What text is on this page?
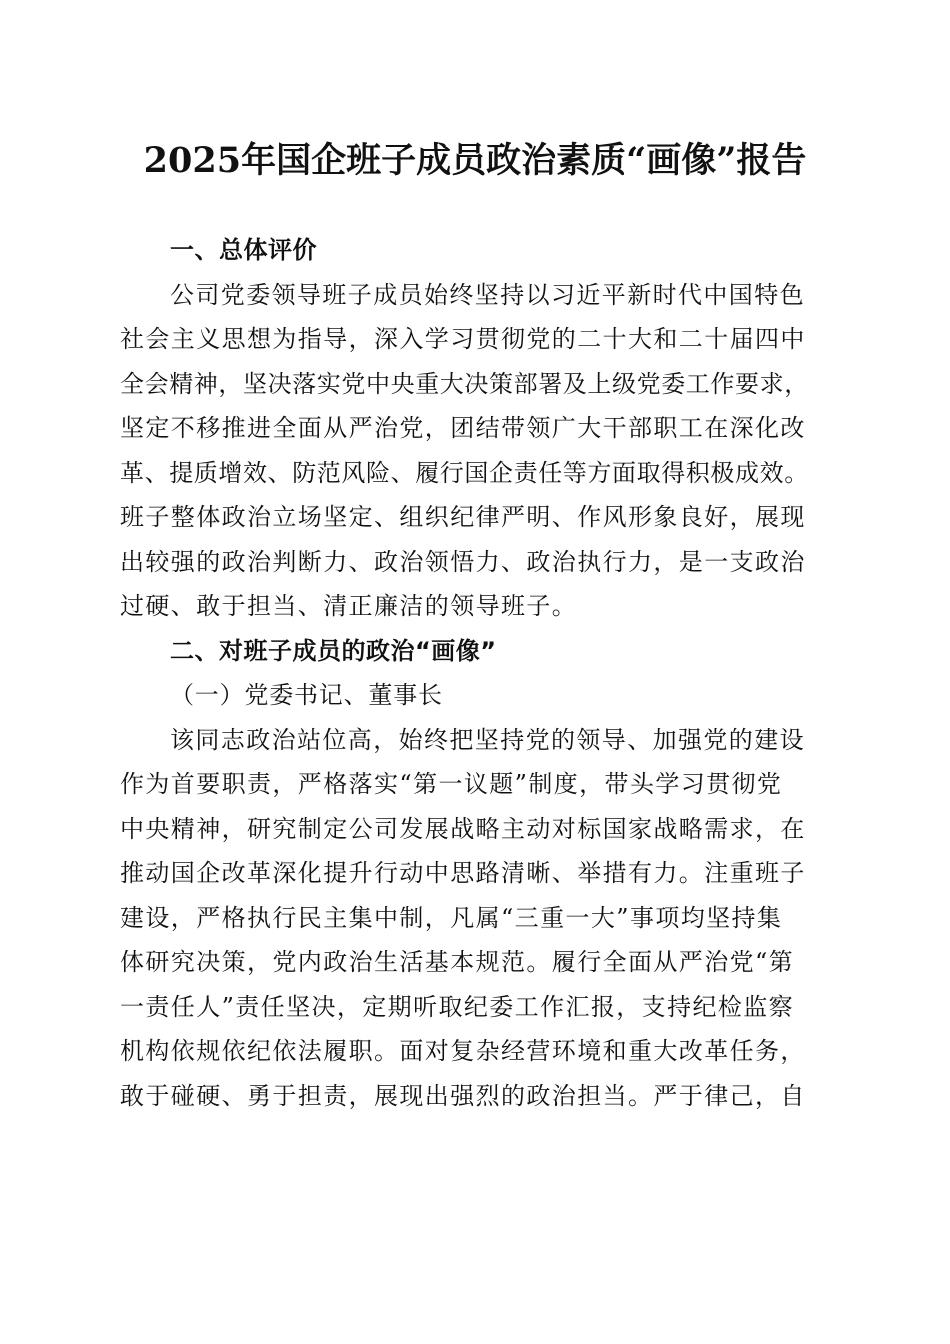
2025年国企班子成员政治素质“画像”报告
一、总体评价
公司党委领导班子成员始终坚持以习近平新时代中国特色
社会主义思想为指导，深入学习贯彻党的二十大和二十届四中
全会精神，坚决落实党中央重大决策部署及上级党委工作要求，
坚定不移推进全面从严治党，团结带领广大干部职工在深化改
革、提质增效、防范风险、履行国企责任等方面取得积极成效。
班子整体政治立场坚定、组织纪律严明、作风形象良好，展现
出较强的政治判断力、政治领悟力、政治执行力，是一支政治
过硬、敢于担当、清正廉洁的领导班子。
二、对班子成员的政治“画像”
（一）党委书记、董事长
该同志政治站位高，始终把坚持党的领导、加强党的建设
作为首要职责，严格落实“第一议题”制度，带头学习贯彻党
中央精神，研究制定公司发展战略主动对标国家战略需求，在
推动国企改革深化提升行动中思路清晰、举措有力。注重班子
建设，严格执行民主集中制，凡属“三重一大”事项均坚持集
体研究决策，党内政治生活基本规范。履行全面从严治党“第
一责任人”责任坚决，定期听取纪委工作汇报，支持纪检监察
机构依规依纪依法履职。面对复杂经营环境和重大改革任务，
敢于碰硬、勇于担责，展现出强烈的政治担当。严于律己，自
